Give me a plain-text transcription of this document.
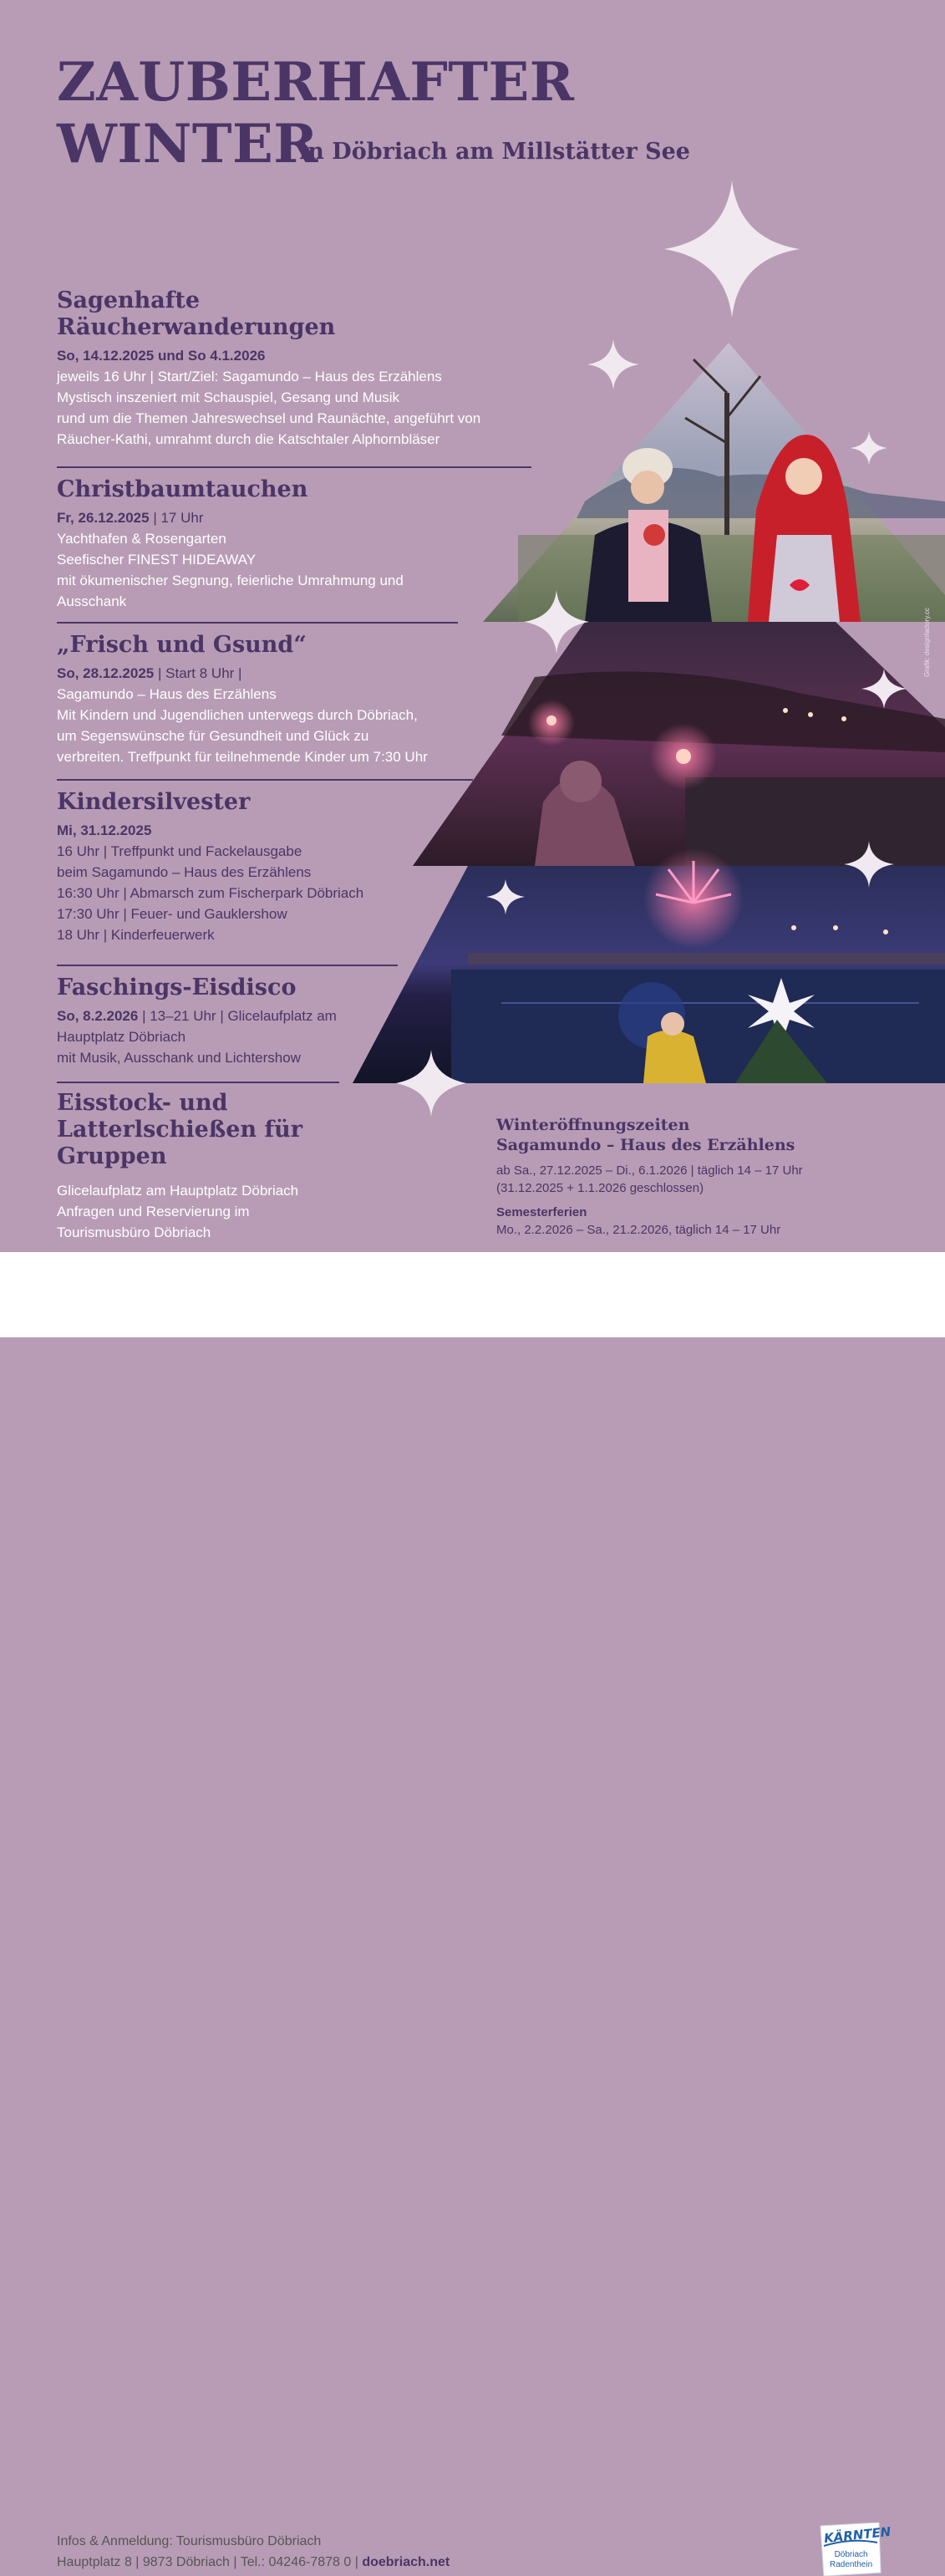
ZAUBERHAFTER
WINTER
in Döbriach am Millstätter See
Sagenhafte
Räucherwanderungen
So, 14.12.2025 und So 4.1.2026
jeweils 16 Uhr | Start/Ziel: Sagamundo – Haus des Erzählens
Mystisch inszeniert mit Schauspiel, Gesang und Musik
rund um die Themen Jahreswechsel und Raunächte, angeführt von
Räucher-Kathi, umrahmt durch die Katschtaler Alphornbläser
Christbaumtauchen
Fr, 26.12.2025 | 17 Uhr
Yachthafen & Rosengarten
Seefischer FINEST HIDEAWAY
mit ökumenischer Segnung, feierliche Umrahmung und
Ausschank
„Frisch und Gsund“
So, 28.12.2025 | Start 8 Uhr |
Sagamundo – Haus des Erzählens
Mit Kindern und Jugendlichen unterwegs durch Döbriach,
um Segenswünsche für Gesundheit und Glück zu
verbreiten. Treffpunkt für teilnehmende Kinder um 7:30 Uhr
Kindersilvester
Mi, 31.12.2025
16 Uhr | Treffpunkt und Fackelausgabe
beim Sagamundo – Haus des Erzählens
16:30 Uhr | Abmarsch zum Fischerpark Döbriach
17:30 Uhr | Feuer- und Gauklershow
18 Uhr | Kinderfeuerwerk
Faschings-Eisdisco
So, 8.2.2026 | 13–21 Uhr | Glicelaufplatz am
Hauptplatz Döbriach
mit Musik, Ausschank und Lichtershow
Eisstock- und
Latterlschießen für
Gruppen
Glicelaufplatz am Hauptplatz Döbriach
Anfragen und Reservierung im
Tourismusbüro Döbriach
Winteröffnungszeiten
Sagamundo – Haus des Erzählens
ab Sa., 27.12.2025 – Di., 6.1.2026 | täglich 14 – 17 Uhr
(31.12.2025 + 1.1.2026 geschlossen)
Semesterferien
Mo., 2.2.2026 – Sa., 21.2.2026, täglich 14 – 17 Uhr
Grafik: designfactory.cc
Infos & Anmeldung: Tourismusbüro Döbriach
Hauptplatz 8 | 9873 Döbriach | Tel.: 04246-7878 0 | doebriach.net
KÄRNTEN
Döbriach
Radenthein
